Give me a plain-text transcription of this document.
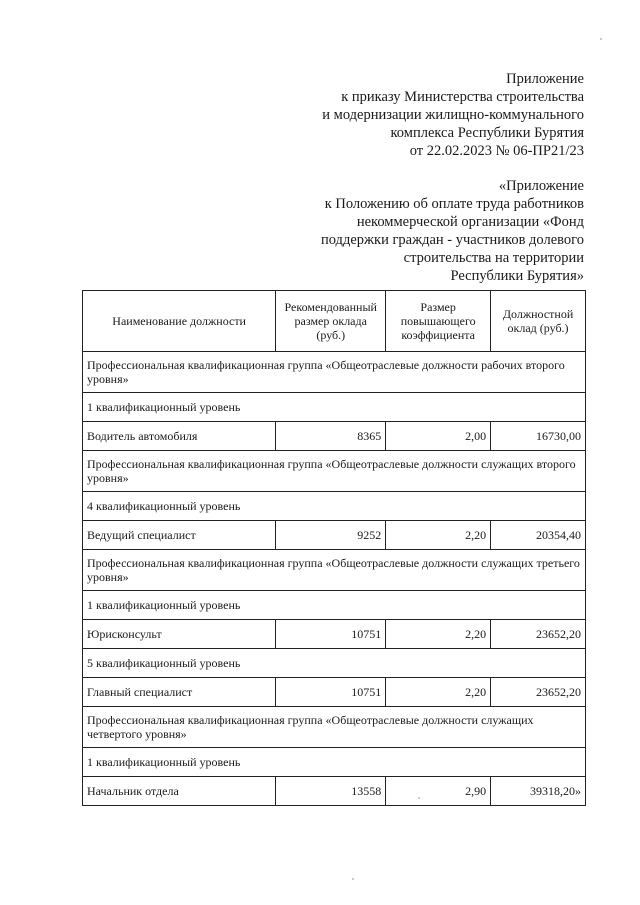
Приложение
к приказу Министерства строительства
и модернизации жилищно-коммунального
комплекса Республики Бурятия
от 22.02.2023 № 06-ПР21/23
«Приложение
к Положению об оплате труда работников
некоммерческой организации «Фонд
поддержки граждан - участников долевого
строительства на территории
Республики Бурятия»
Наименование должности	Рекомендованный размер оклада (руб.)	Размер повышающего коэффициента	Должностной оклад (руб.)
Профессиональная квалификационная группа «Общеотраслевые должности рабочих второго уровня»			
1 квалификационный уровень			
Водитель автомобиля	8365	2,00	16730,00
Профессиональная квалификационная группа «Общеотраслевые должности служащих второго уровня»			
4 квалификационный уровень			
Ведущий специалист	9252	2,20	20354,40
Профессиональная квалификационная группа «Общеотраслевые должности служащих третьего уровня»			
1 квалификационный уровень			
Юрисконсульт	10751	2,20	23652,20
5 квалификационный уровень			
Главный специалист	10751	2,20	23652,20
Профессиональная квалификационная группа «Общеотраслевые должности служащих четвертого уровня»			
1 квалификационный уровень			
Начальник отдела	13558	2,90	39318,20»
